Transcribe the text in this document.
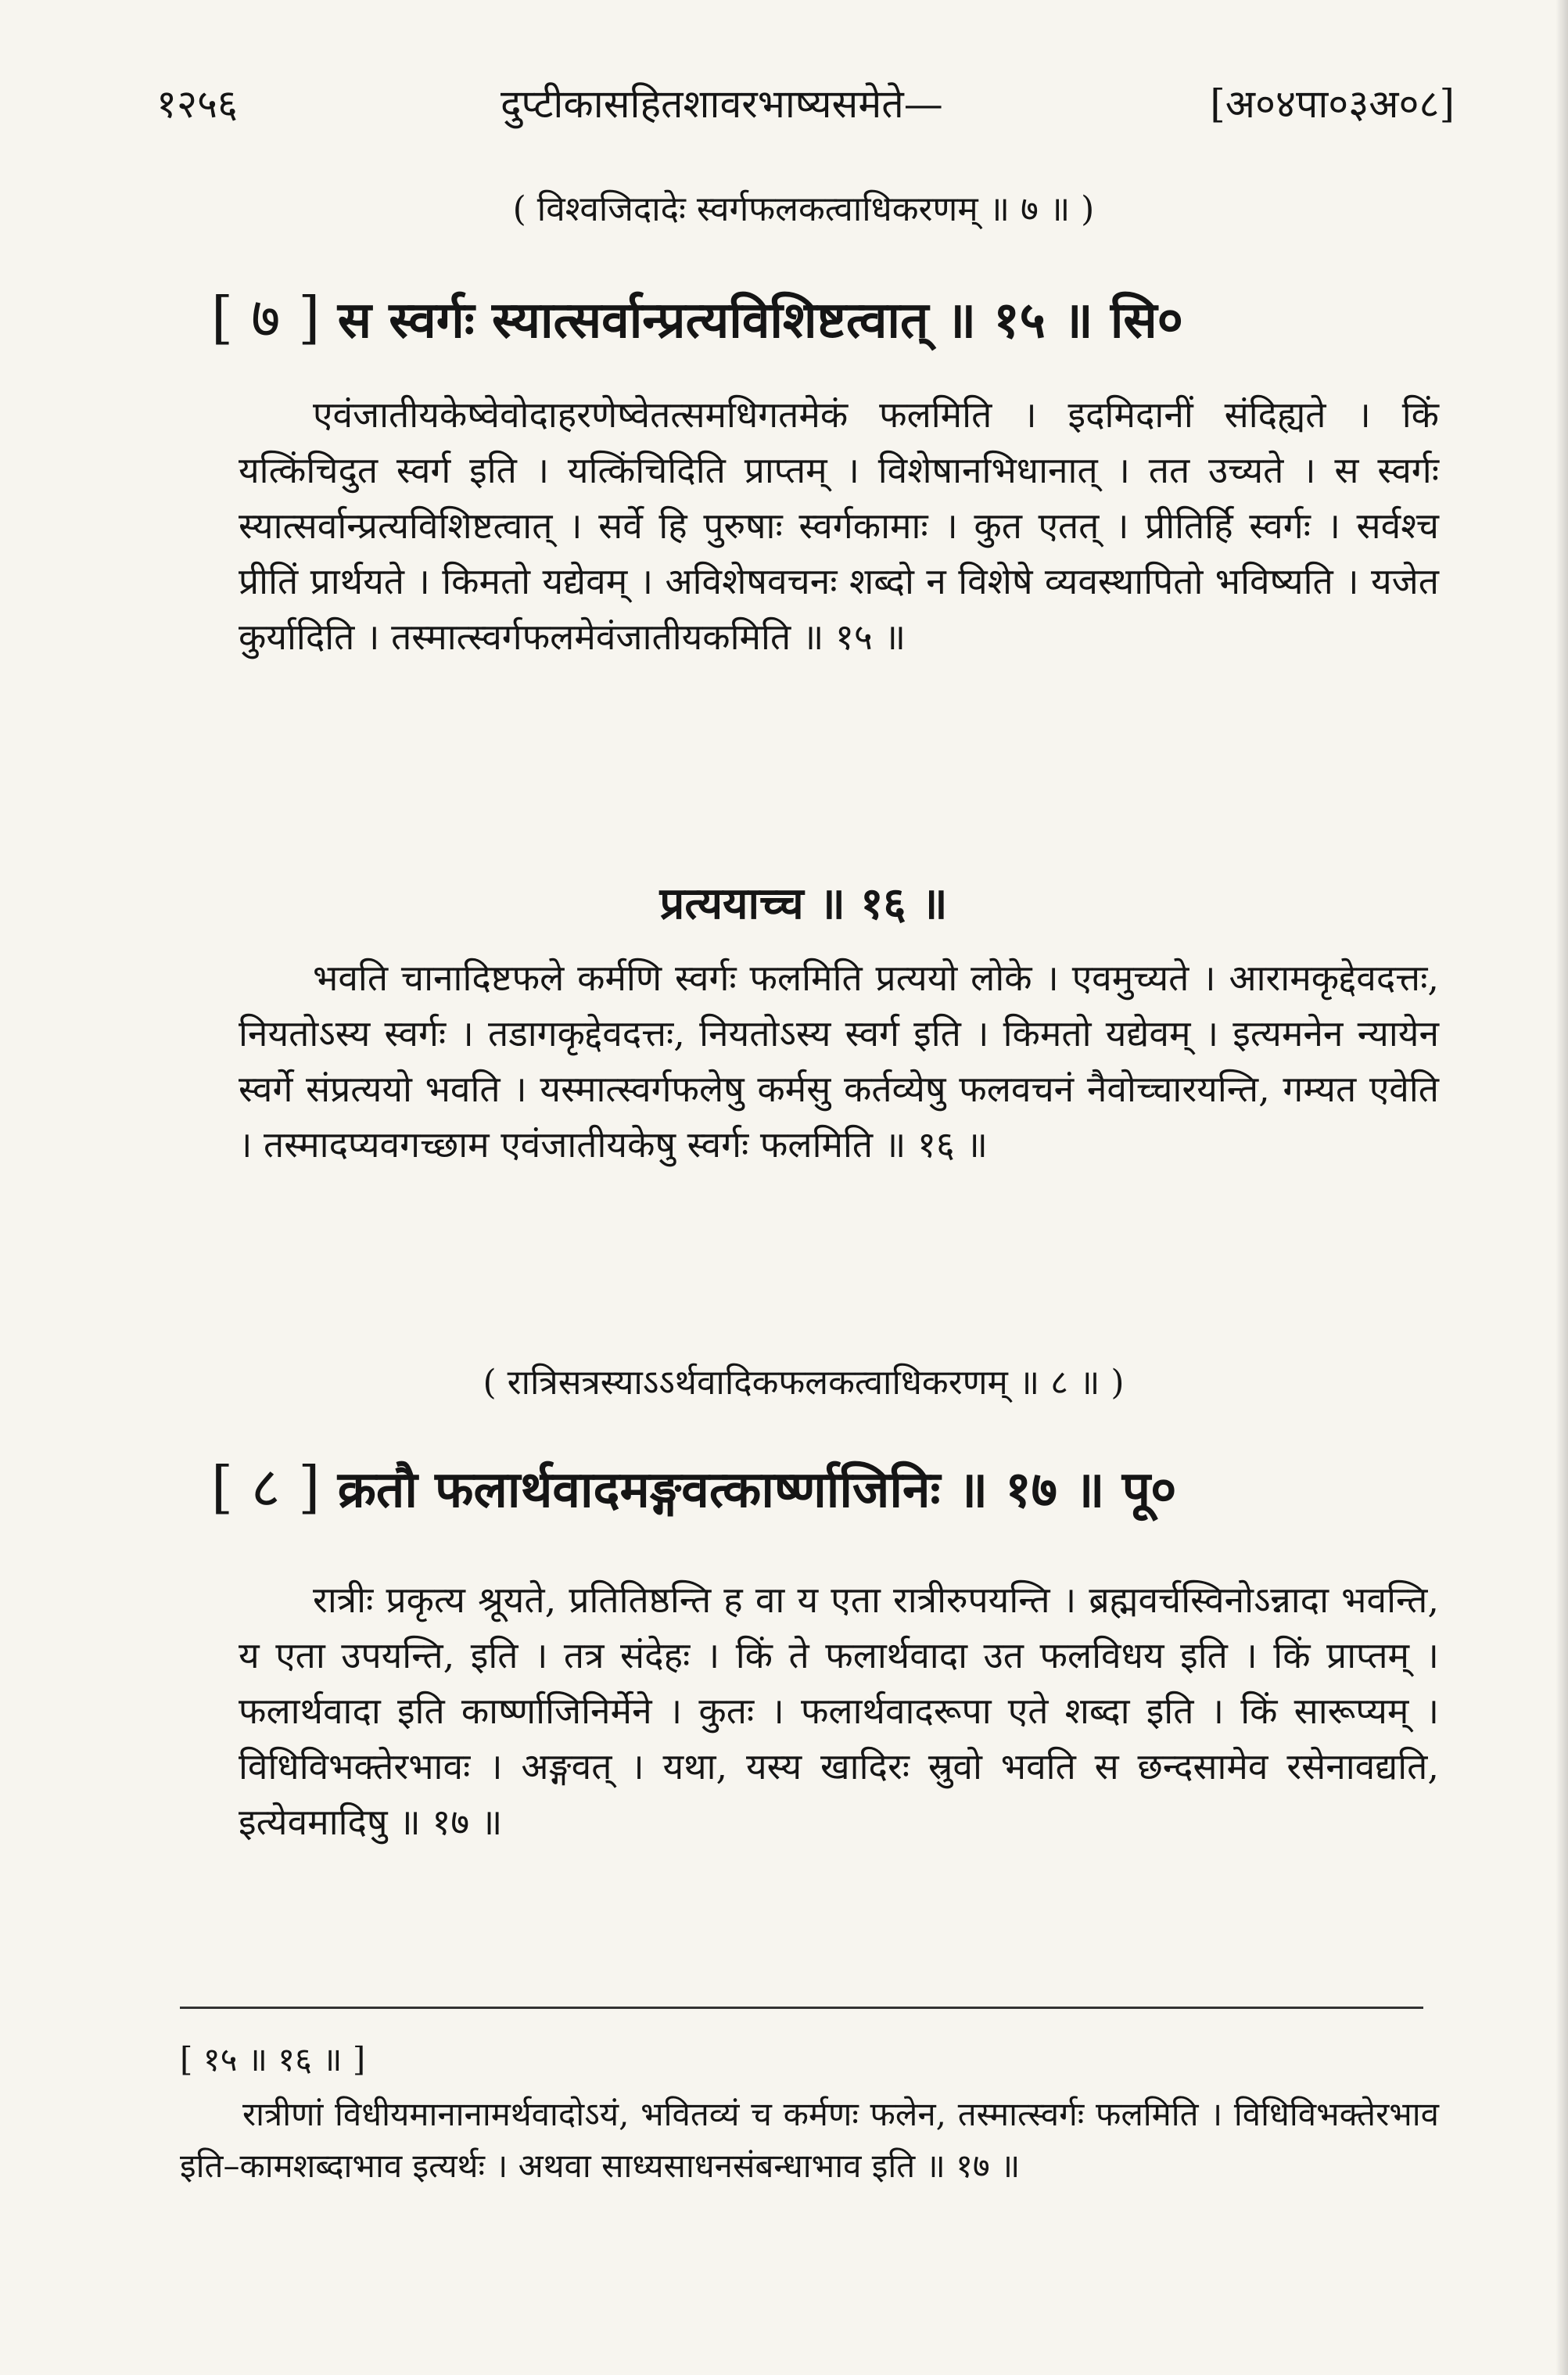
१२५६	दुप्टीकासहितशावरभाष्यसमेते—	[अ०४पा०३अ०८]
( विश्वजिदादेः स्वर्गफलकत्वाधिकरणम् ॥ ७ ॥ )
[ ७ ] स स्वर्गः स्यात्सर्वान्प्रत्यविशिष्टत्वात् ॥ १५ ॥ सि०
एवंजातीयकेष्वेवोदाहरणेष्वेतत्समधिगतमेकं फलमिति । इदमिदानीं संदिह्यते । किं यत्किंचिदुत स्वर्ग इति । यत्किंचिदिति प्राप्तम् । विशेषानभिधानात् । तत उच्यते । स स्वर्गः स्यात्सर्वान्प्रत्यविशिष्टत्वात् । सर्वे हि पुरुषाः स्वर्गकामाः । कुत एतत् । प्रीतिर्हि स्वर्गः । सर्वश्च प्रीतिं प्रार्थयते । किमतो यद्येवम् । अविशेषवचनः शब्दो न विशेषे व्यवस्थापितो भविष्यति । यजेत कुर्यादिति । तस्मात्स्वर्गफलमेवंजातीयकमिति ॥ १५ ॥
प्रत्ययाच्च ॥ १६ ॥
भवति चानादिष्टफले कर्मणि स्वर्गः फलमिति प्रत्ययो लोके । एवमुच्यते । आरामकृद्देवदत्तः, नियतोऽस्य स्वर्गः । तडागकृद्देवदत्तः, नियतोऽस्य स्वर्ग इति । किमतो यद्येवम् । इत्यमनेन न्यायेन स्वर्गे संप्रत्ययो भवति । यस्मात्स्वर्गफलेषु कर्मसु कर्तव्येषु फलवचनं नैवोच्चारयन्ति, गम्यत एवेति । तस्मादप्यवगच्छाम एवंजातीयकेषु स्वर्गः फलमिति ॥ १६ ॥
( रात्रिसत्रस्याऽऽर्थवादिकफलकत्वाधिकरणम् ॥ ८ ॥ )
[ ८ ] क्रतौ फलार्थवादमङ्गवत्कार्ष्णाजिनिः ॥ १७ ॥ पू०
रात्रीः प्रकृत्य श्रूयते, प्रतितिष्ठन्ति ह वा य एता रात्रीरुपयन्ति । ब्रह्मवर्चस्विनोऽन्नादा भवन्ति, य एता उपयन्ति, इति । तत्र संदेहः । किं ते फलार्थवादा उत फलविधय इति । किं प्राप्तम् । फलार्थवादा इति कार्ष्णाजिनिर्मेने । कुतः । फलार्थवादरूपा एते शब्दा इति । किं सारूप्यम् । विधिविभक्तेरभावः । अङ्गवत् । यथा, यस्य खादिरः स्रुवो भवति स छन्दसामेव रसेनावद्यति, इत्येवमादिषु ॥ १७ ॥
[ १५ ॥ १६ ॥ ]
रात्रीणां विधीयमानानामर्थवादोऽयं, भवितव्यं च कर्मणः फलेन, तस्मात्स्वर्गः फलमिति । विधिविभक्तेरभाव इति–कामशब्दाभाव इत्यर्थः । अथवा साध्यसाधनसंबन्धाभाव इति ॥ १७ ॥
